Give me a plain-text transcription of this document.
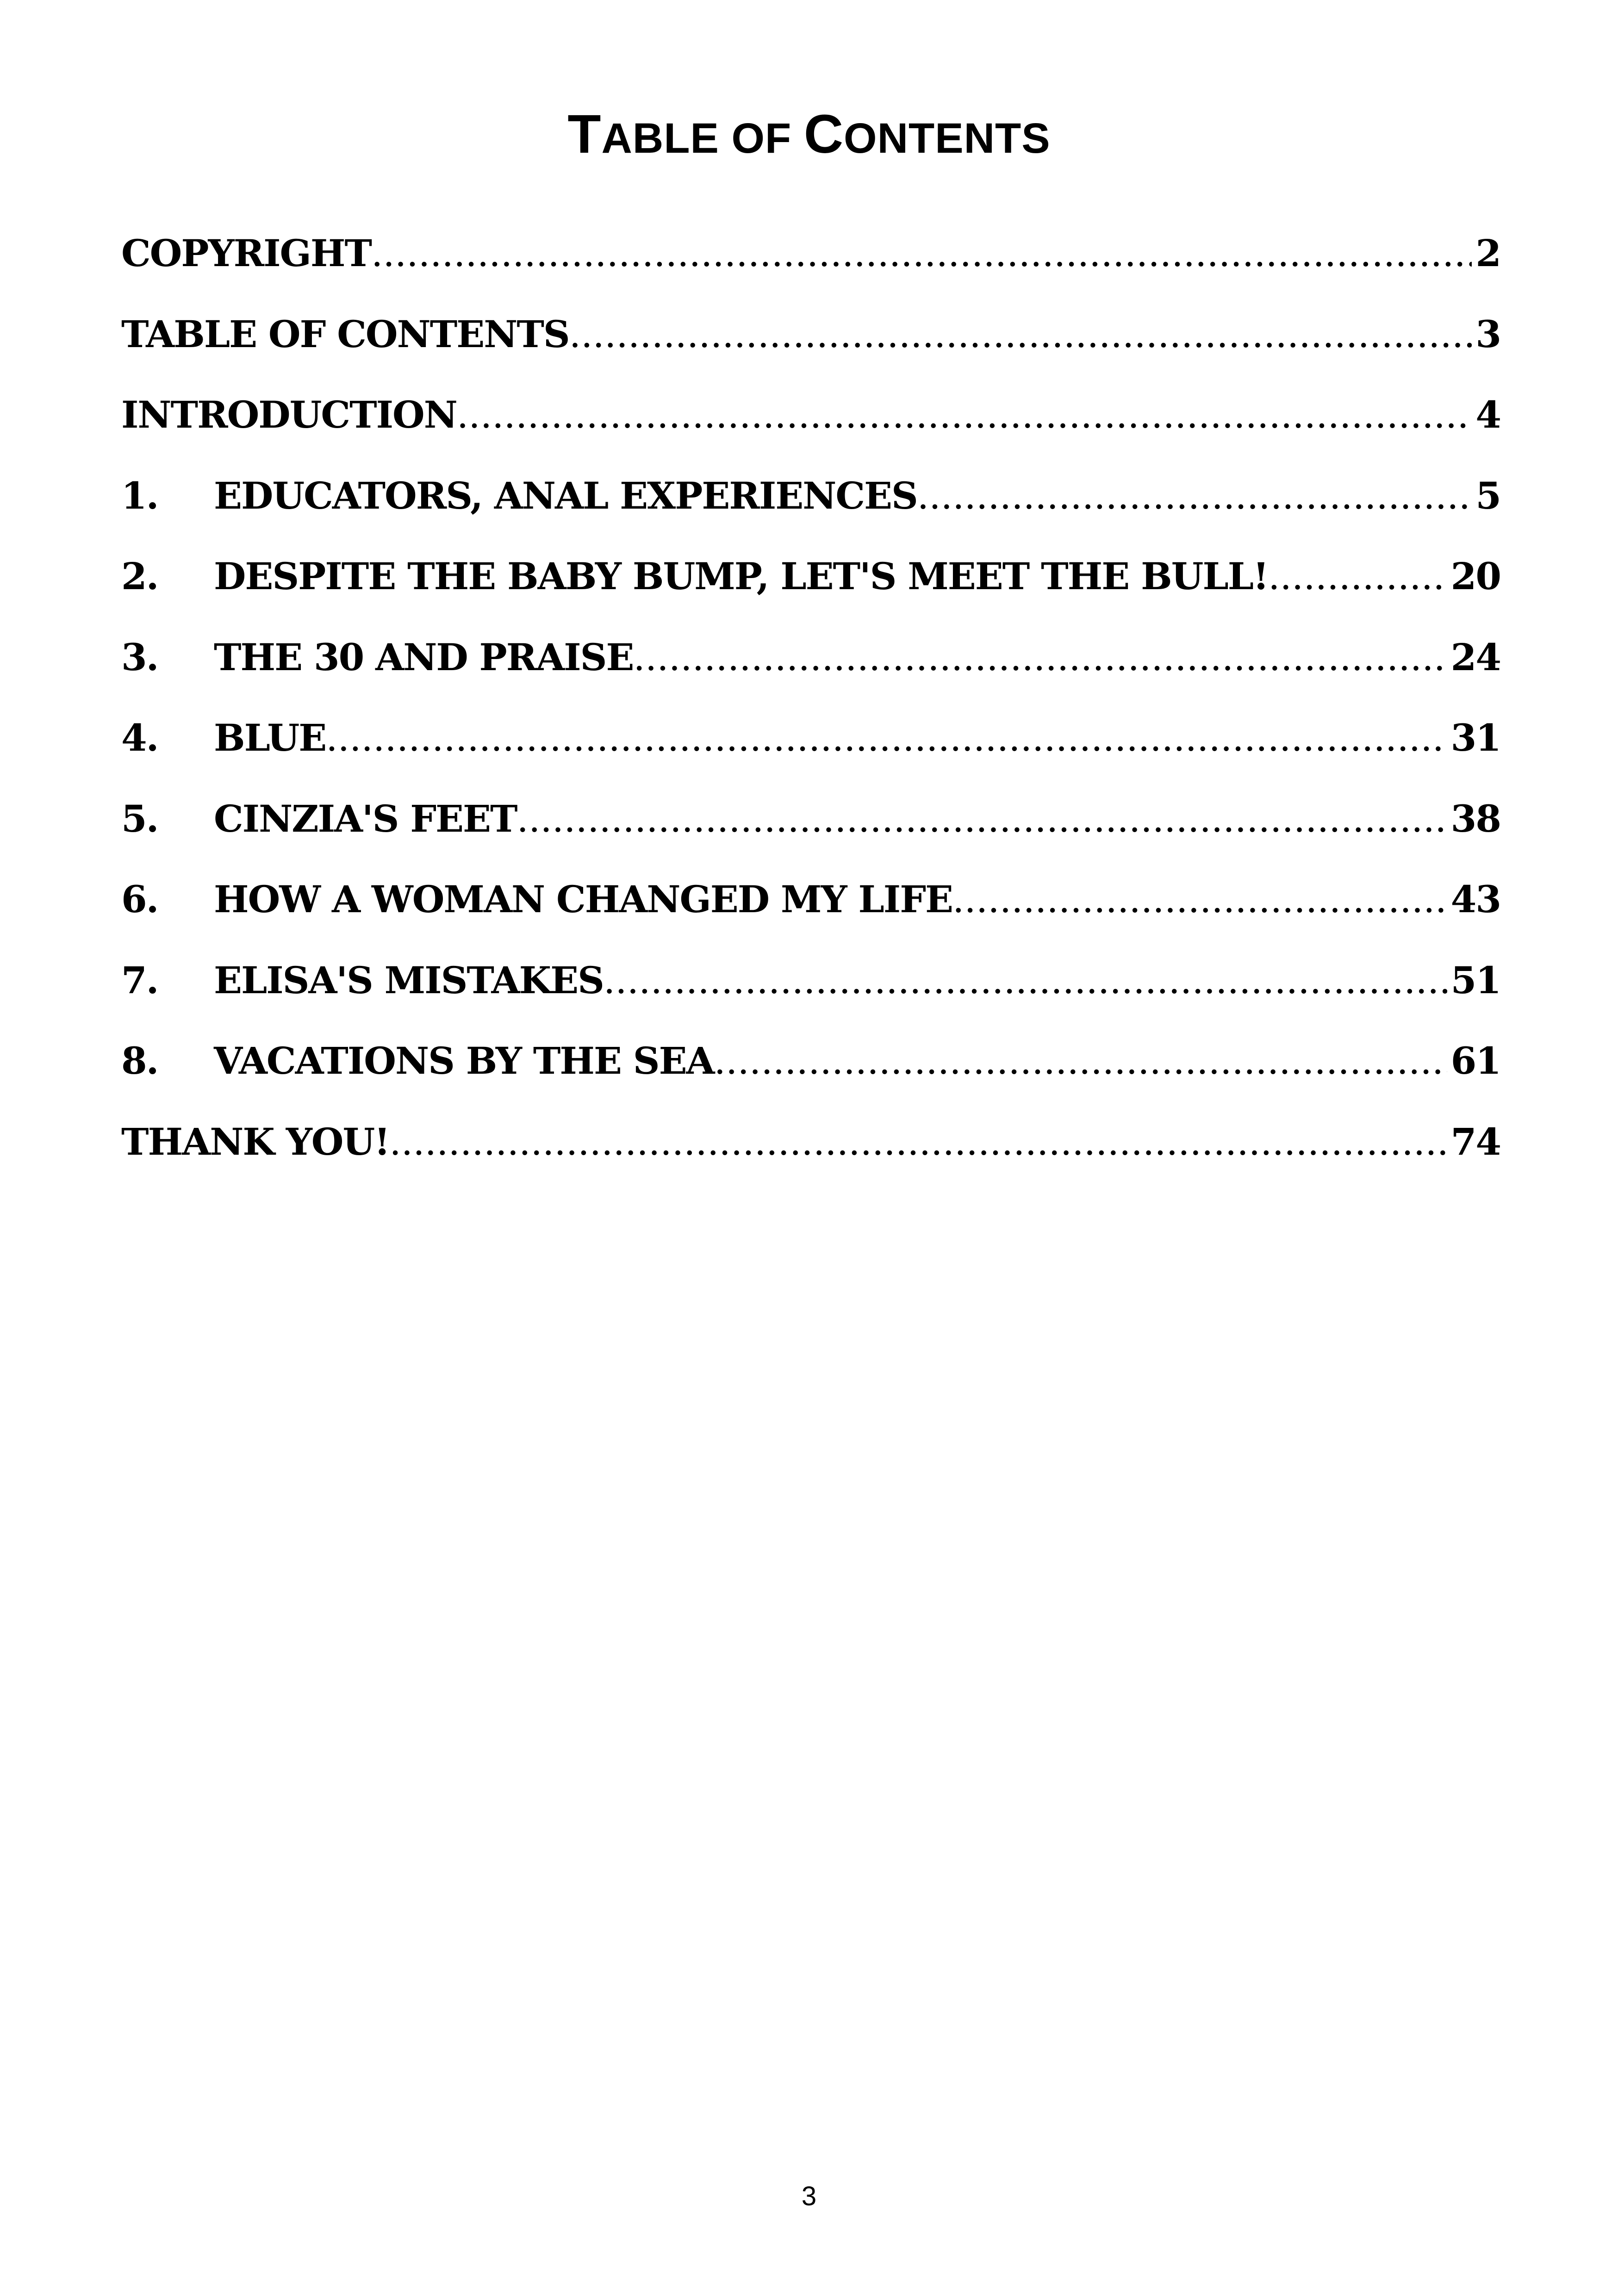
TABLE OF CONTENTS
COPYRIGHT .....	2
TABLE OF CONTENTS .....	3
INTRODUCTION .....	4
1.	EDUCATORS, ANAL EXPERIENCES .....	5
2.	DESPITE THE BABY BUMP, LET'S MEET THE BULL! .....	20
3.	THE 30 AND PRAISE .....	24
4.	BLUE .....	31
5.	CINZIA'S FEET .....	38
6.	HOW A WOMAN CHANGED MY LIFE .....	43
7.	ELISA'S MISTAKES .....	51
8.	VACATIONS BY THE SEA .....	61
THANK YOU! .....	74
3
